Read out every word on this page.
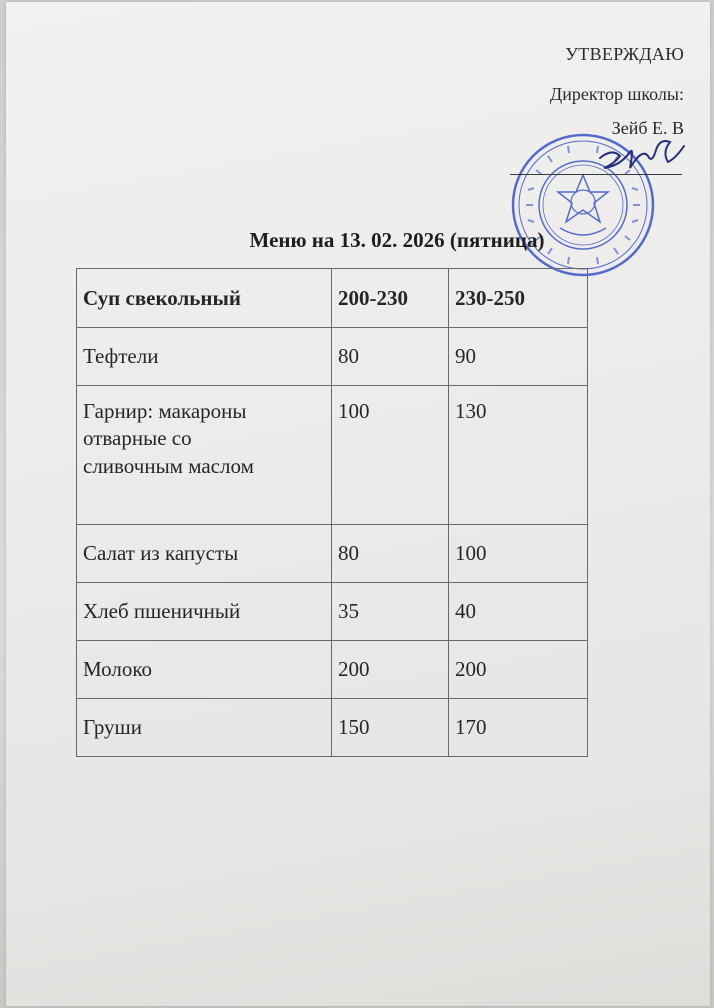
УТВЕРЖДАЮ
Директор школы:
Зейб Е. В
Меню на 13. 02. 2026 (пятница)
Суп свекольный	200-230	230-250
Тефтели	80	90

Гарнир: макароны
отварные со
сливочным маслом	100	130
Салат из капусты	80	100
Хлеб пшеничный	35	40
Молоко	200	200
Груши	150	170
